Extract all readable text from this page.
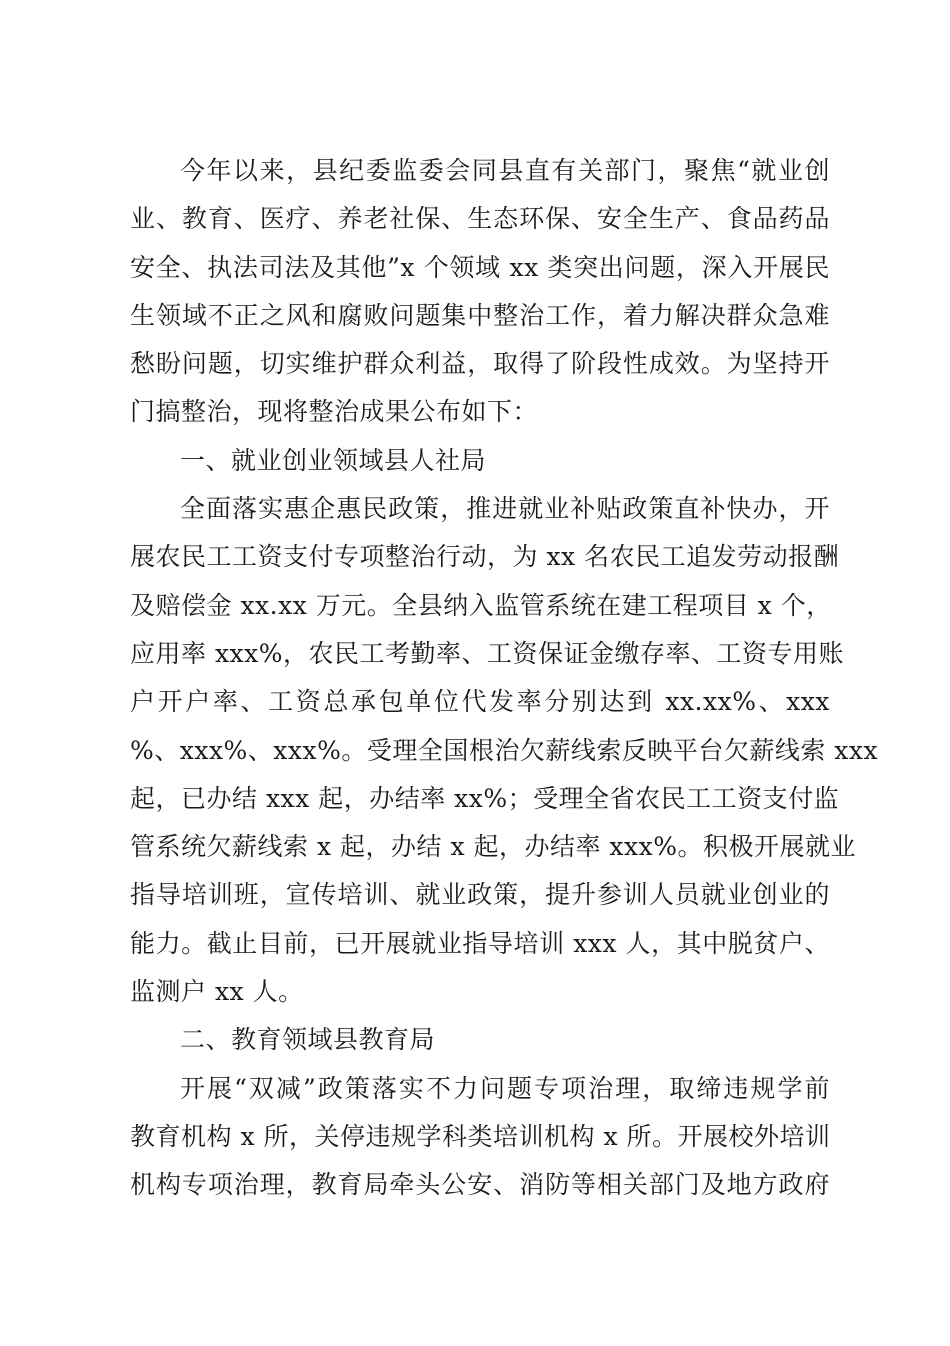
今年以来，县纪委监委会同县直有关部门，聚焦“就业创
业、教育、医疗、养老社保、生态环保、安全生产、食品药品
安全、执法司法及其他”x 个领域 xx 类突出问题，深入开展民
生领域不正之风和腐败问题集中整治工作，着力解决群众急难
愁盼问题，切实维护群众利益，取得了阶段性成效。为坚持开
门搞整治，现将整治成果公布如下：
一、就业创业领域县人社局
全面落实惠企惠民政策，推进就业补贴政策直补快办，开
展农民工工资支付专项整治行动，为 xx 名农民工追发劳动报酬
及赔偿金 xx.xx 万元。全县纳入监管系统在建工程项目 x 个，
应用率 xxx%，农民工考勤率、工资保证金缴存率、工资专用账
户开户率、工资总承包单位代发率分别达到 xx.xx%、xxx
%、xxx%、xxx%。受理全国根治欠薪线索反映平台欠薪线索 xxx
起，已办结 xxx 起，办结率 xx%；受理全省农民工工资支付监
管系统欠薪线索 x 起，办结 x 起，办结率 xxx%。积极开展就业
指导培训班，宣传培训、就业政策，提升参训人员就业创业的
能力。截止目前，已开展就业指导培训 xxx 人，其中脱贫户、
监测户 xx 人。
二、教育领域县教育局
开展“双减”政策落实不力问题专项治理，取缔违规学前
教育机构 x 所，关停违规学科类培训机构 x 所。开展校外培训
机构专项治理，教育局牵头公安、消防等相关部门及地方政府
